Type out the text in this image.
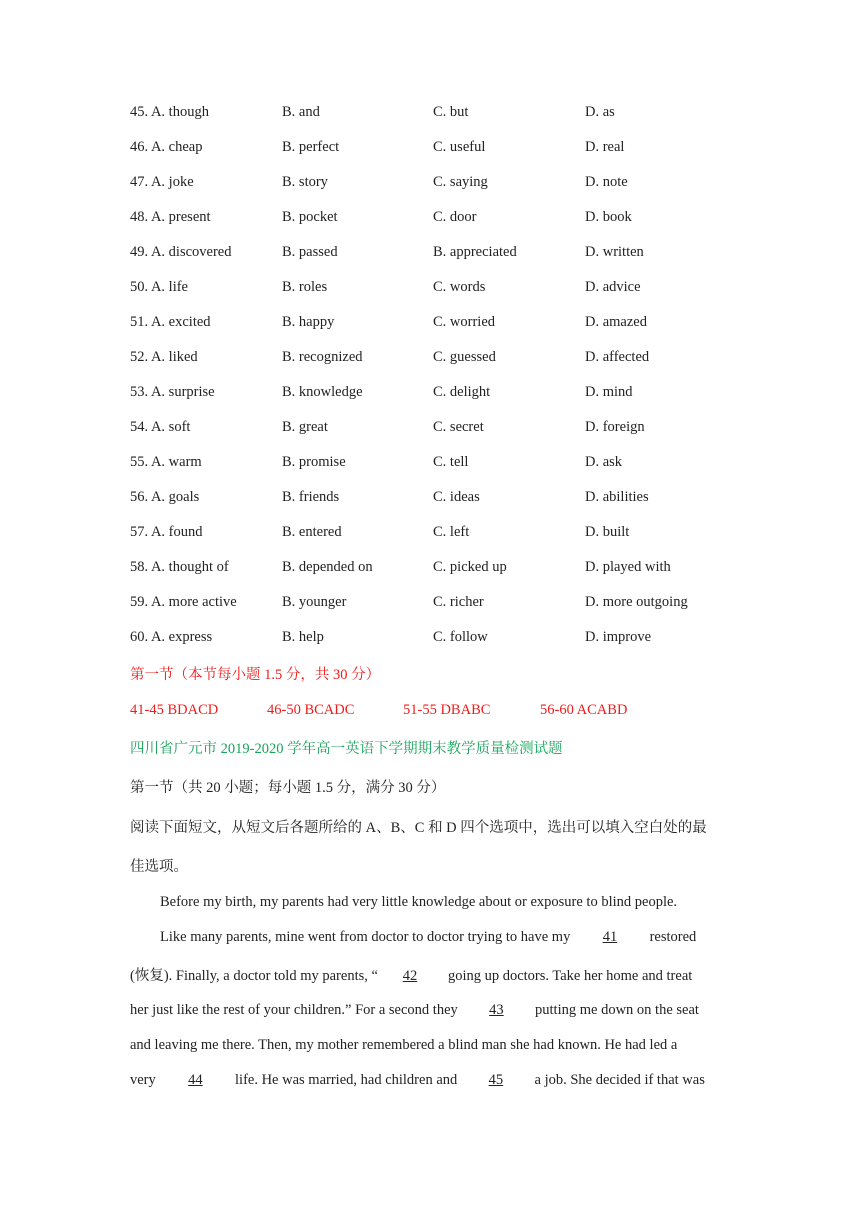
45. A. though	B. and	C. but	D. as
46. A. cheap	B. perfect	C. useful	D. real
47. A. joke	B. story	C. saying	D. note
48. A. present	B. pocket	C. door	D. book
49. A. discovered	B. passed	B. appreciated	D. written
50. A. life	B. roles	C. words	D. advice
51. A. excited	B. happy	C. worried	D. amazed
52. A. liked	B. recognized	C. guessed	D. affected
53. A. surprise	B. knowledge	C. delight	D. mind
54. A. soft	B. great	C. secret	D. foreign
55. A. warm	B. promise	C. tell	D. ask
56. A. goals	B. friends	C. ideas	D. abilities
57. A. found	B. entered	C. left	D. built
58. A. thought of	B. depended on	C. picked up	D. played with
59. A. more active	B. younger	C. richer	D. more outgoing
60. A. express	B. help	C. follow	D. improve
第一节（本节每小题 1.5 分，共 30 分）
41-45 BDACD	46-50 BCADC	51-55 DBABC	56-60 ACABD
四川省广元市 2019-2020 学年高一英语下学期期末教学质量检测试题
第一节（共 20 小题；每小题 1.5 分，满分 30 分）
阅读下面短文，从短文后各题所给的 A、B、C 和 D 四个选项中，选出可以填入空白处的最
佳选项。
Before my birth, my parents had very little knowledge about or exposure to blind people.
Like many parents, mine went from doctor to doctor trying to have my 41 restored
(恢复). Finally, a doctor told my parents, “ 42 going up doctors. Take her home and treat
her just like the rest of your children.” For a second they 43 putting me down on the seat
and leaving me there. Then, my mother remembered a blind man she had known. He had led a
very 44 life. He was married, had children and 45 a job. She decided if that was
